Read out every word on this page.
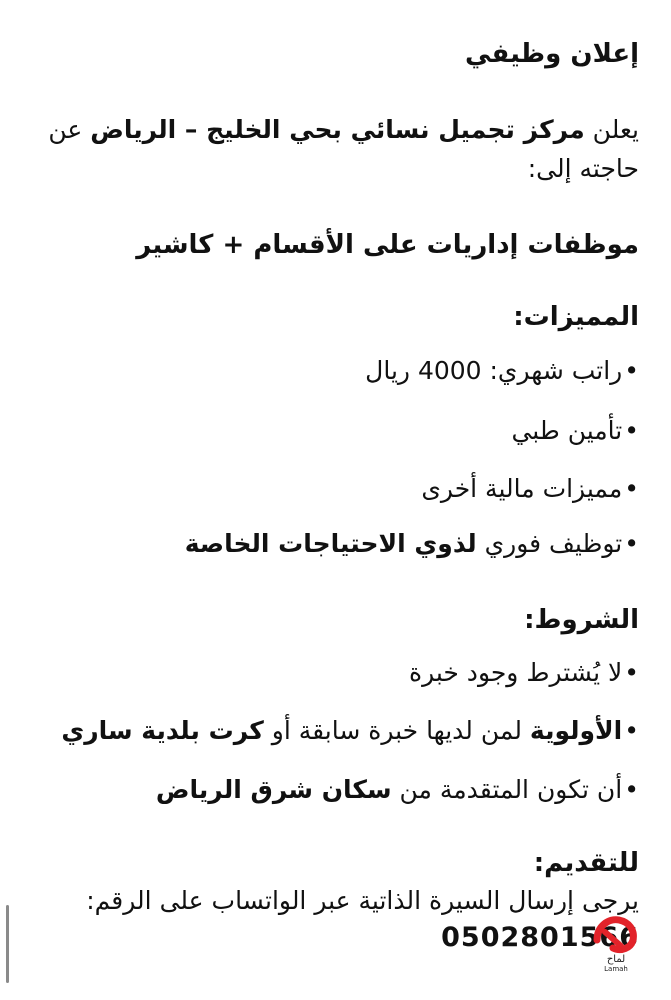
إعلان وظيفي
يعلن مركز تجميل نسائي بحي الخليج – الرياض عن
حاجته إلى:
موظفات إداريات على الأقسام + كاشير
المميزات:
•راتب شهري: 4000 ريال
•تأمين طبي
•مميزات مالية أخرى
•توظيف فوري لذوي الاحتياجات الخاصة
الشروط:
•لا يُشترط وجود خبرة
•الأولوية لمن لديها خبرة سابقة أو كرت بلدية ساري
•أن تكون المتقدمة من سكان شرق الرياض
للتقديم:
يرجى إرسال السيرة الذاتية عبر الواتساب على الرقم:
0502801566
لماح
Lamah
